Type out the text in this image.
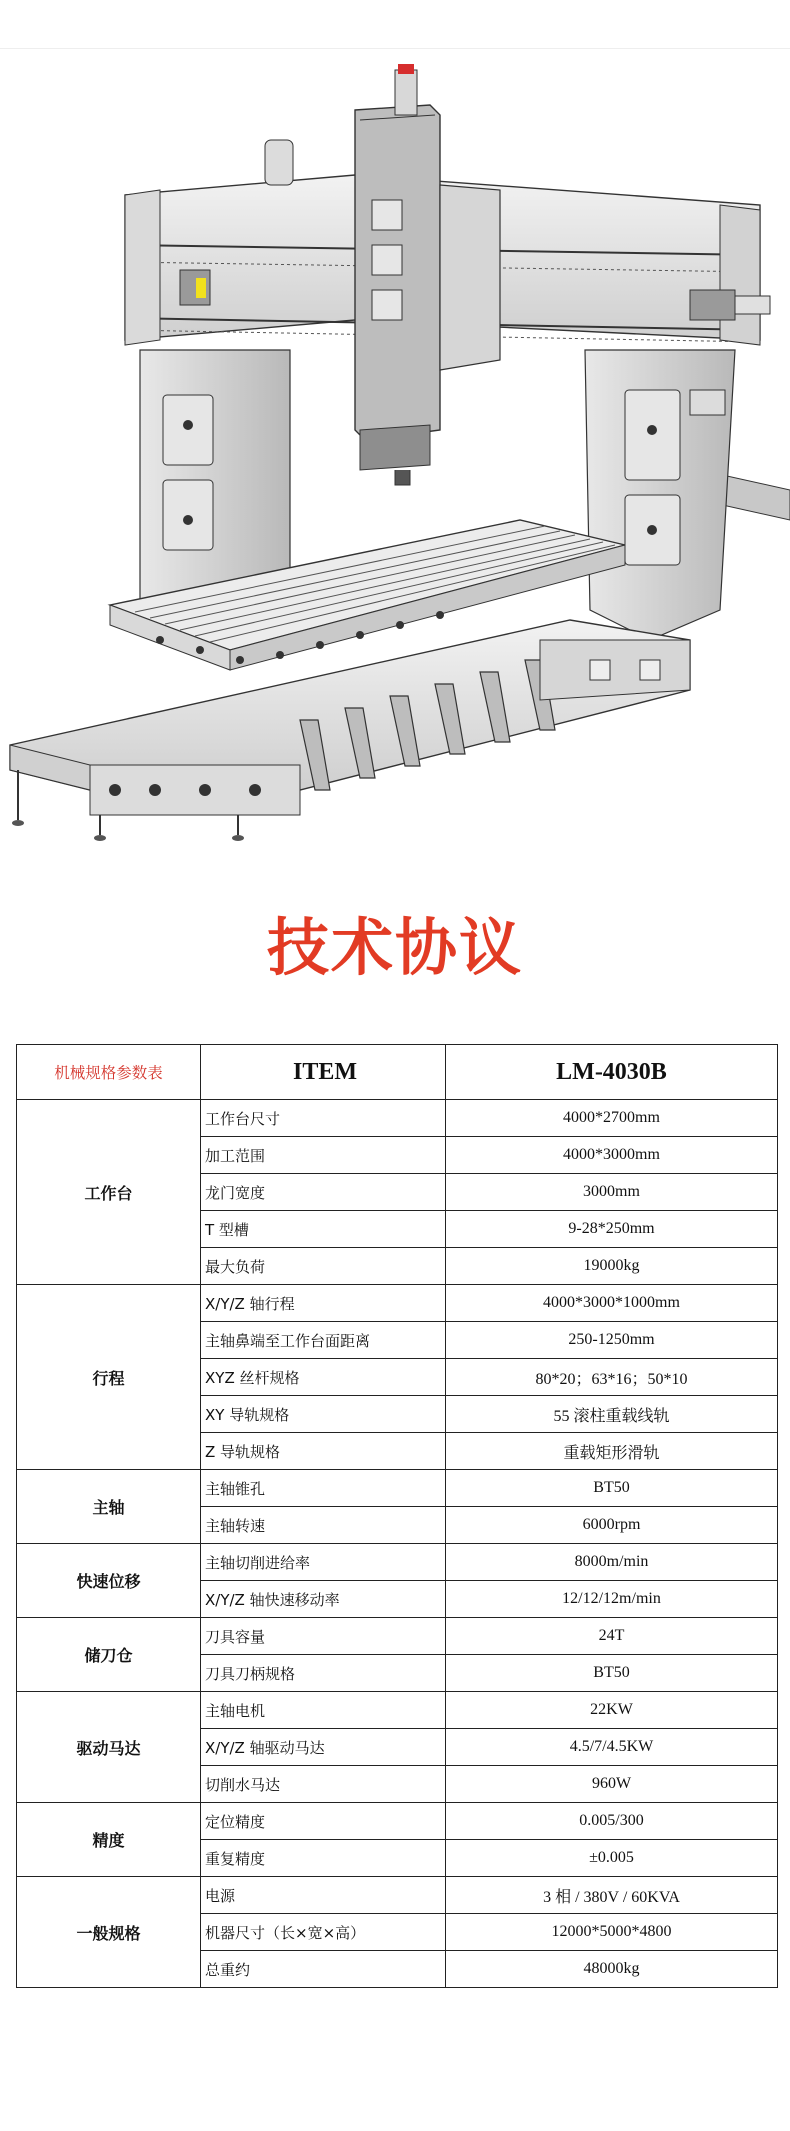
技术协议
机械规格参数表	ITEM	LM-4030B
工作台	工作台尺寸	4000*2700mm
	加工范围	4000*3000mm
	龙门宽度	3000mm
	T 型槽	9-28*250mm
	最大负荷	19000kg
行程	X/Y/Z 轴行程	4000*3000*1000mm
	主轴鼻端至工作台面距离	250-1250mm
	XYZ 丝杆规格	80*20；63*16；50*10
	XY 导轨规格	55 滚柱重载线轨
	Z 导轨规格	重载矩形滑轨
主轴	主轴锥孔	BT50
	主轴转速	6000rpm
快速位移	主轴切削进给率	8000m/min
	X/Y/Z 轴快速移动率	12/12/12m/min
储刀仓	刀具容量	24T
	刀具刀柄规格	BT50
驱动马达	主轴电机	22KW
	X/Y/Z 轴驱动马达	4.5/7/4.5KW
	切削水马达	960W
精度	定位精度	0.005/300
	重复精度	±0.005
一般规格	电源	3 相 / 380V / 60KVA
	机器尺寸（长×宽×高）	12000*5000*4800
	总重约	48000kg
